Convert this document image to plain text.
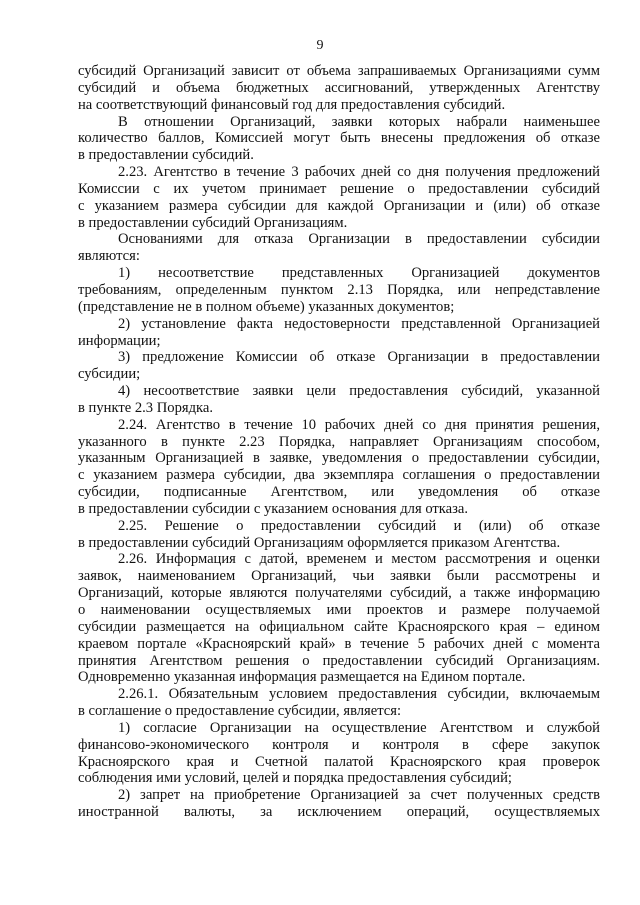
9
субсидий Организаций зависит от объема запрашиваемых Организациями сумм
субсидий и объема бюджетных ассигнований, утвержденных Агентству
на соответствующий финансовый год для предоставления субсидий.
В отношении Организаций, заявки которых набрали наименьшее
количество баллов, Комиссией могут быть внесены предложения об отказе
в предоставлении субсидий.
2.23. Агентство в течение 3 рабочих дней со дня получения предложений
Комиссии с их учетом принимает решение о предоставлении субсидий
с указанием размера субсидии для каждой Организации и (или) об отказе
в предоставлении субсидий Организациям.
Основаниями для отказа Организации в предоставлении субсидии
являются:
1) несоответствие представленных Организацией документов
требованиям, определенным пунктом 2.13 Порядка, или непредставление
(представление не в полном объеме) указанных документов;
2) установление факта недостоверности представленной Организацией
информации;
3) предложение Комиссии об отказе Организации в предоставлении
субсидии;
4) несоответствие заявки цели предоставления субсидий, указанной
в пункте 2.3 Порядка.
2.24. Агентство в течение 10 рабочих дней со дня принятия решения,
указанного в пункте 2.23 Порядка, направляет Организациям способом,
указанным Организацией в заявке, уведомления о предоставлении субсидии,
с указанием размера субсидии, два экземпляра соглашения о предоставлении
субсидии, подписанные Агентством, или уведомления об отказе
в предоставлении субсидии с указанием основания для отказа.
2.25. Решение о предоставлении субсидий и (или) об отказе
в предоставлении субсидий Организациям оформляется приказом Агентства.
2.26. Информация с датой, временем и местом рассмотрения и оценки
заявок, наименованием Организаций, чьи заявки были рассмотрены и
Организаций, которые являются получателями субсидий, а также информацию
о наименовании осуществляемых ими проектов и размере получаемой
субсидии размещается на официальном сайте Красноярского края – едином
краевом портале «Красноярский край» в течение 5 рабочих дней с момента
принятия Агентством решения о предоставлении субсидий Организациям.
Одновременно указанная информация размещается на Едином портале.
2.26.1. Обязательным условием предоставления субсидии, включаемым
в соглашение о предоставление субсидии, является:
1) согласие Организации на осуществление Агентством и службой
финансово-экономического контроля и контроля в сфере закупок
Красноярского края и Счетной палатой Красноярского края проверок
соблюдения ими условий, целей и порядка предоставления субсидий;
2) запрет на приобретение Организацией за счет полученных средств
иностранной валюты, за исключением операций, осуществляемых
